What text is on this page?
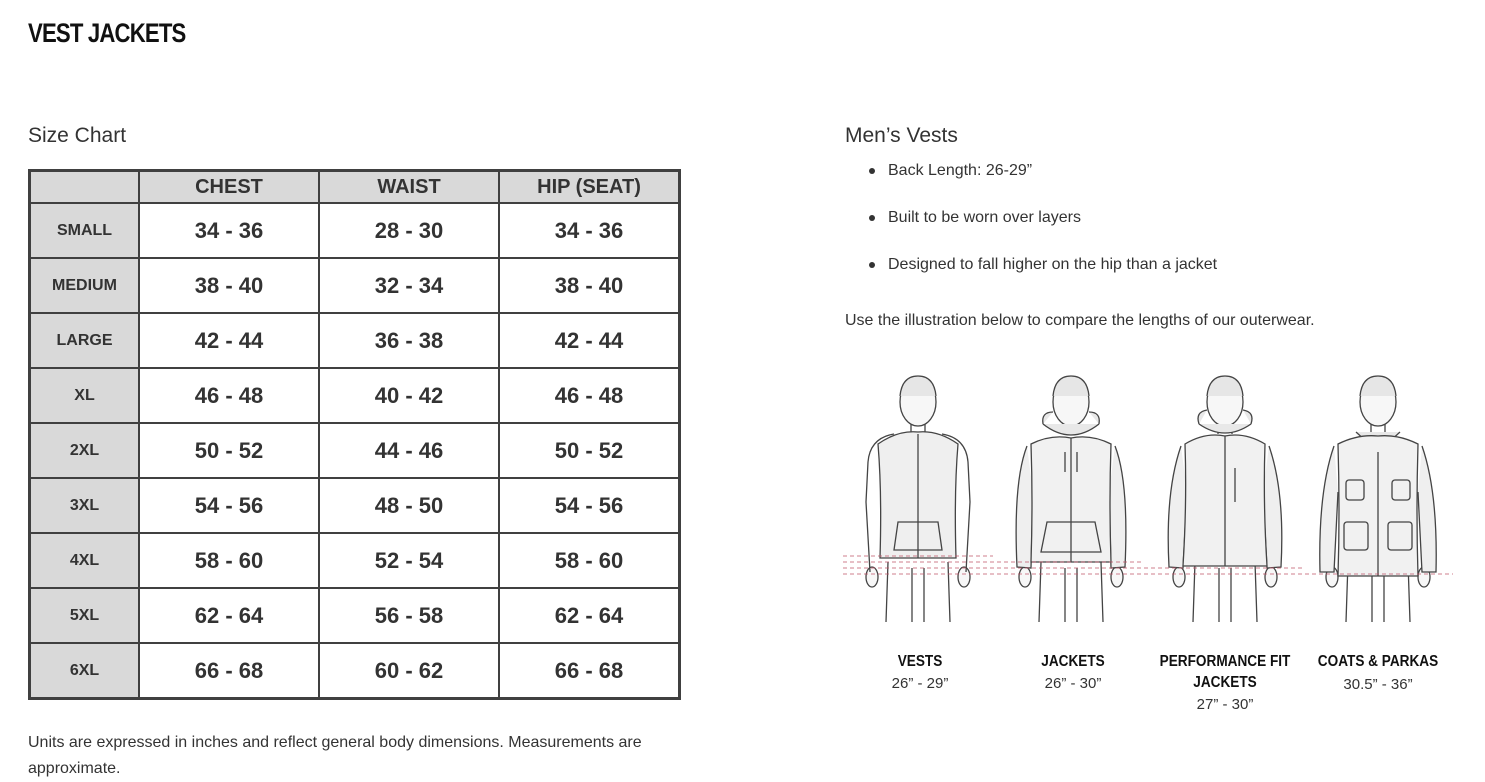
VEST JACKETS
Size Chart
	CHEST	WAIST	HIP (SEAT)
SMALL	34 - 36	28 - 30	34 - 36
MEDIUM	38 - 40	32 - 34	38 - 40
LARGE	42 - 44	36 - 38	42 - 44
XL	46 - 48	40 - 42	46 - 48
2XL	50 - 52	44 - 46	50 - 52
3XL	54 - 56	48 - 50	54 - 56
4XL	58 - 60	52 - 54	58 - 60
5XL	62 - 64	56 - 58	62 - 64
6XL	66 - 68	60 - 62	66 - 68
Units are expressed in inches and reflect general body dimensions. Measurements are approximate.
Men’s Vests
Back Length: 26-29”
Built to be worn over layers
Designed to fall higher on the hip than a jacket
Use the illustration below to compare the lengths of our outerwear.
VESTS
26” - 29”
JACKETS
26” - 30”
PERFORMANCE FIT JACKETS
27” - 30”
COATS & PARKAS
30.5” - 36”
